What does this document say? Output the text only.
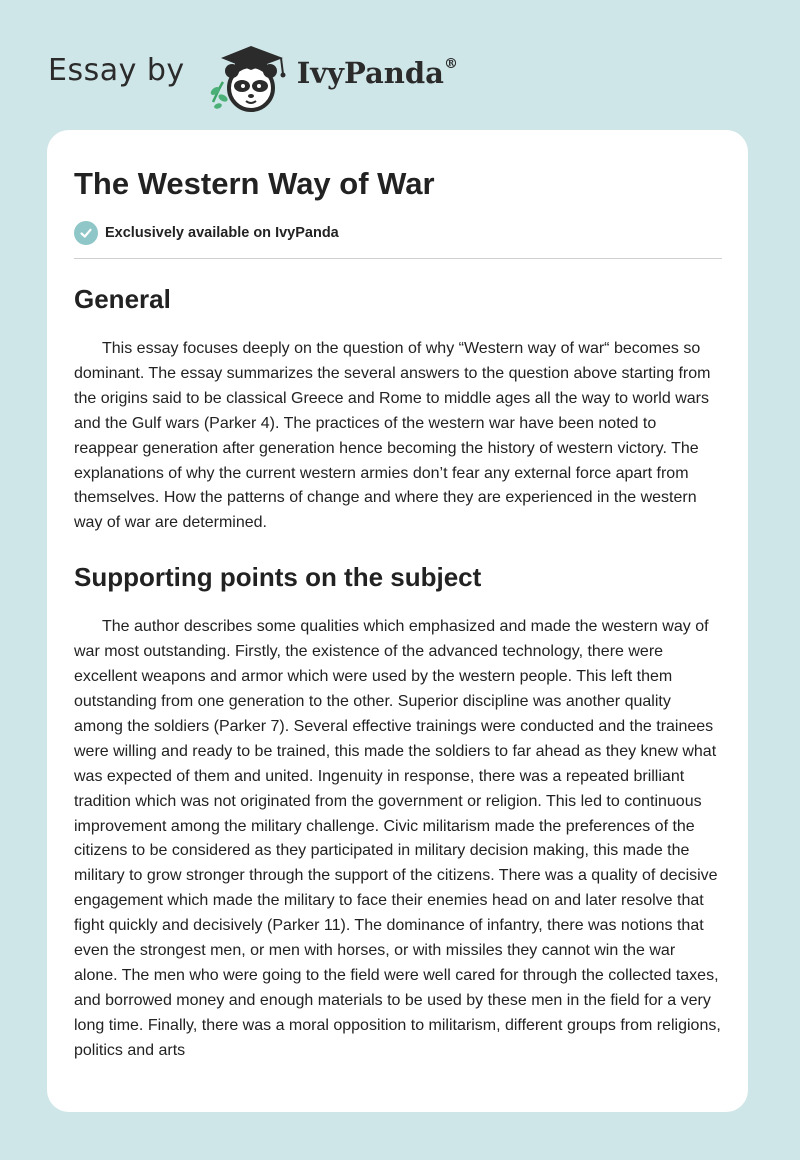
Essay by	IvyPanda®
The Western Way of War
Exclusively available on IvyPanda
General

This essay focuses deeply on the question of why “Western way of war“ becomes so dominant. The essay summarizes the several answers to the question above starting from the origins said to be classical Greece and Rome to middle ages all the way to world wars and the Gulf wars (Parker 4). The practices of the western war have been noted to reappear generation after generation hence becoming the history of western victory. The explanations of why the current western armies don’t fear any external force apart from themselves. How the patterns of change and where they are experienced in the western way of war are determined.

Supporting points on the subject

The author describes some qualities which emphasized and made the western way of war most outstanding. Firstly, the existence of the advanced technology, there were excellent weapons and armor which were used by the western people. This left them outstanding from one generation to the other. Superior discipline was another quality among the soldiers (Parker 7). Several effective trainings were conducted and the trainees were willing and ready to be trained, this made the soldiers to far ahead as they knew what was expected of them and united. Ingenuity in response, there was a repeated brilliant tradition which was not originated from the government or religion. This led to continuous improvement among the military challenge. Civic militarism made the preferences of the citizens to be considered as they participated in military decision making, this made the military to grow stronger through the support of the citizens. There was a quality of decisive engagement which made the military to face their enemies head on and later resolve that fight quickly and decisively (Parker 11). The dominance of infantry, there was notions that even the strongest men, or men with horses, or with missiles they cannot win the war alone. The men who were going to the field were well cared for through the collected taxes, and borrowed money and enough materials to be used by these men in the field for a very long time. Finally, there was a moral opposition to militarism, different groups from religions, politics and arts
